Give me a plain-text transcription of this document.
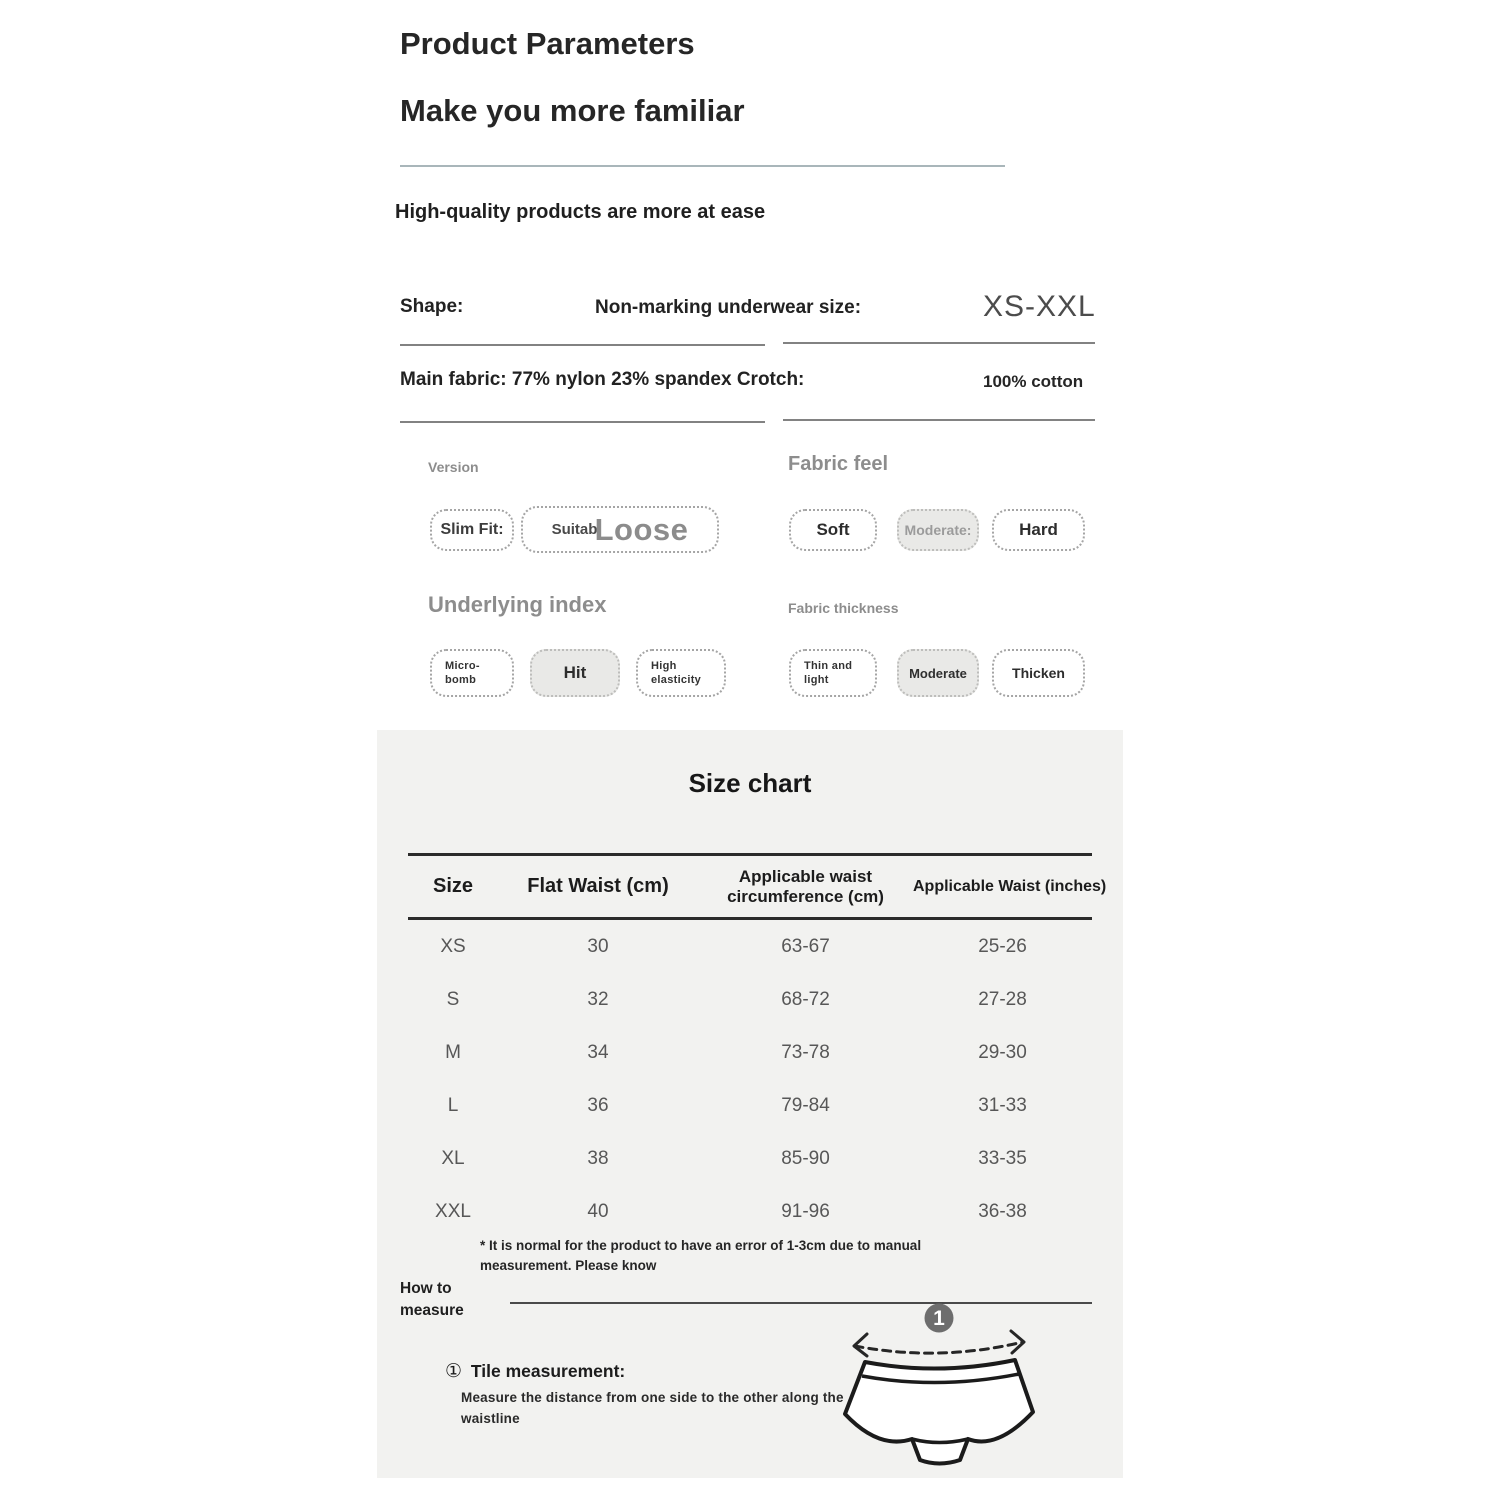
Product Parameters
Make you more familiar
High-quality products are more at ease
Shape:	Non-marking underwear size:	XS-XXL
Main fabric: 77% nylon 23% spandex Crotch:	100% cotton
Version	Fabric feel
Underlying index	Fabric thickness
Slim Fit:	Suitabl
Loose	Soft	Moderate:	Hard
Micro-
bomb	Hit	High
elasticity
Thin and
light	Moderate	Thicken
Size chart
Size	Flat Waist (cm)	Applicable waist circumference (cm)	Applicable Waist (inches)
XS	30	63-67	25-26
S	32	68-72	27-28
M	34	73-78	29-30
L	36	79-84	31-33
XL	38	85-90	33-35
XXL	40	91-96	36-38
* It is normal for the product to have an error of 1-3cm due to manual measurement. Please know
How to measure	1
① Tile measurement:
Measure the distance from one side to the other along the waistline
